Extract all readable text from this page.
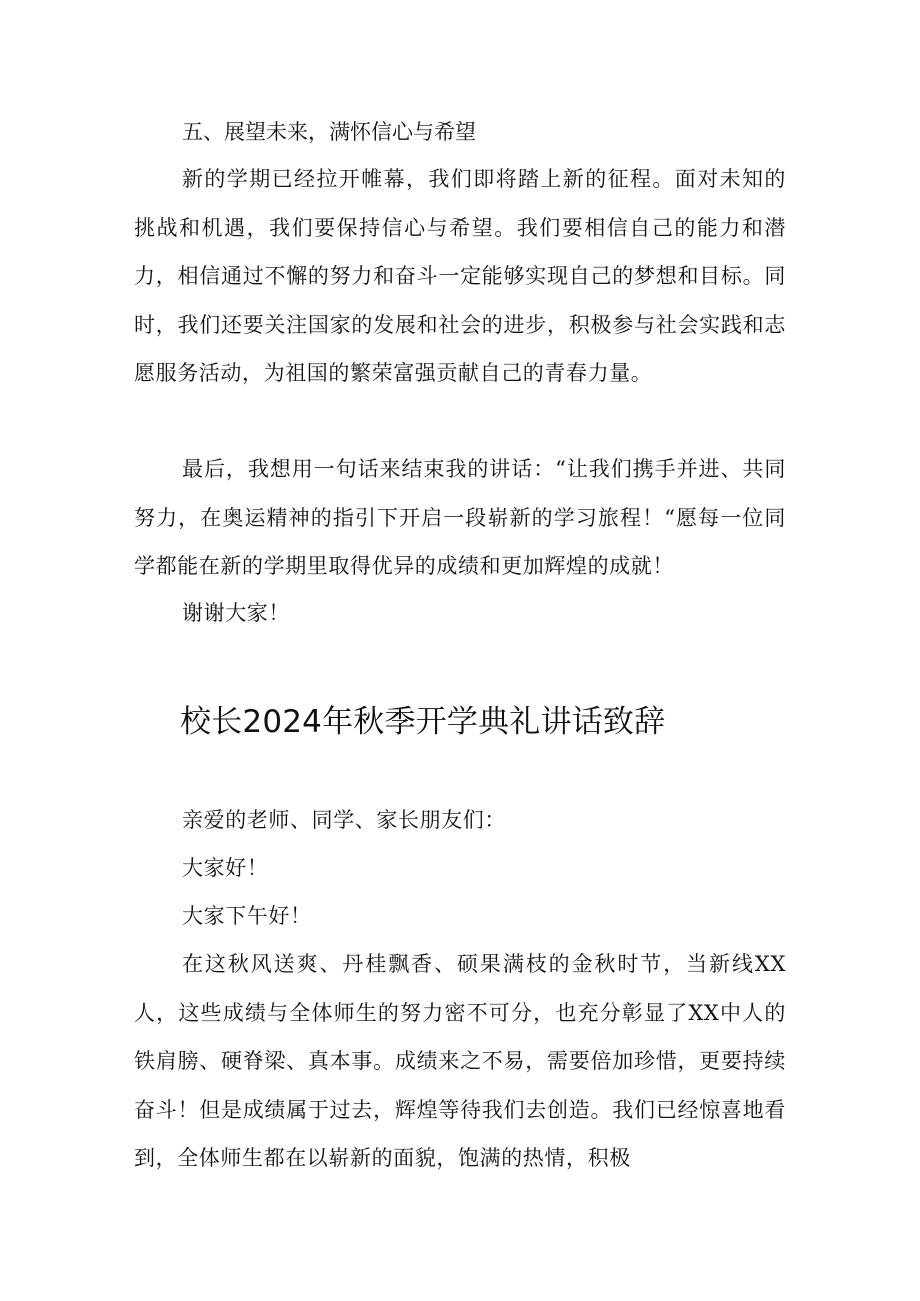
五、展望未来，满怀信心与希望

新的学期已经拉开帷幕，我们即将踏上新的征程。面对未知的挑战和机遇，我们要保持信心与希望。我们要相信自己的能力和潜力，相信通过不懈的努力和奋斗一定能够实现自己的梦想和目标。同时，我们还要关注国家的发展和社会的进步，积极参与社会实践和志愿服务活动，为祖国的繁荣富强贡献自己的青春力量。

最后，我想用一句话来结束我的讲话：“让我们携手并进、共同努力，在奥运精神的指引下开启一段崭新的学习旅程！“愿每一位同学都能在新的学期里取得优异的成绩和更加辉煌的成就！

谢谢大家！

校长2024年秋季开学典礼讲话致辞

亲爱的老师、同学、家长朋友们：

大家好！

大家下午好！

在这秋风送爽、丹桂飘香、硕果满枝的金秋时节，当新线XX人，这些成绩与全体师生的努力密不可分，也充分彰显了XX中人的铁肩膀、硬脊梁、真本事。成绩来之不易，需要倍加珍惜，更要持续奋斗！但是成绩属于过去，辉煌等待我们去创造。我们已经惊喜地看到，全体师生都在以崭新的面貌，饱满的热情，积极
